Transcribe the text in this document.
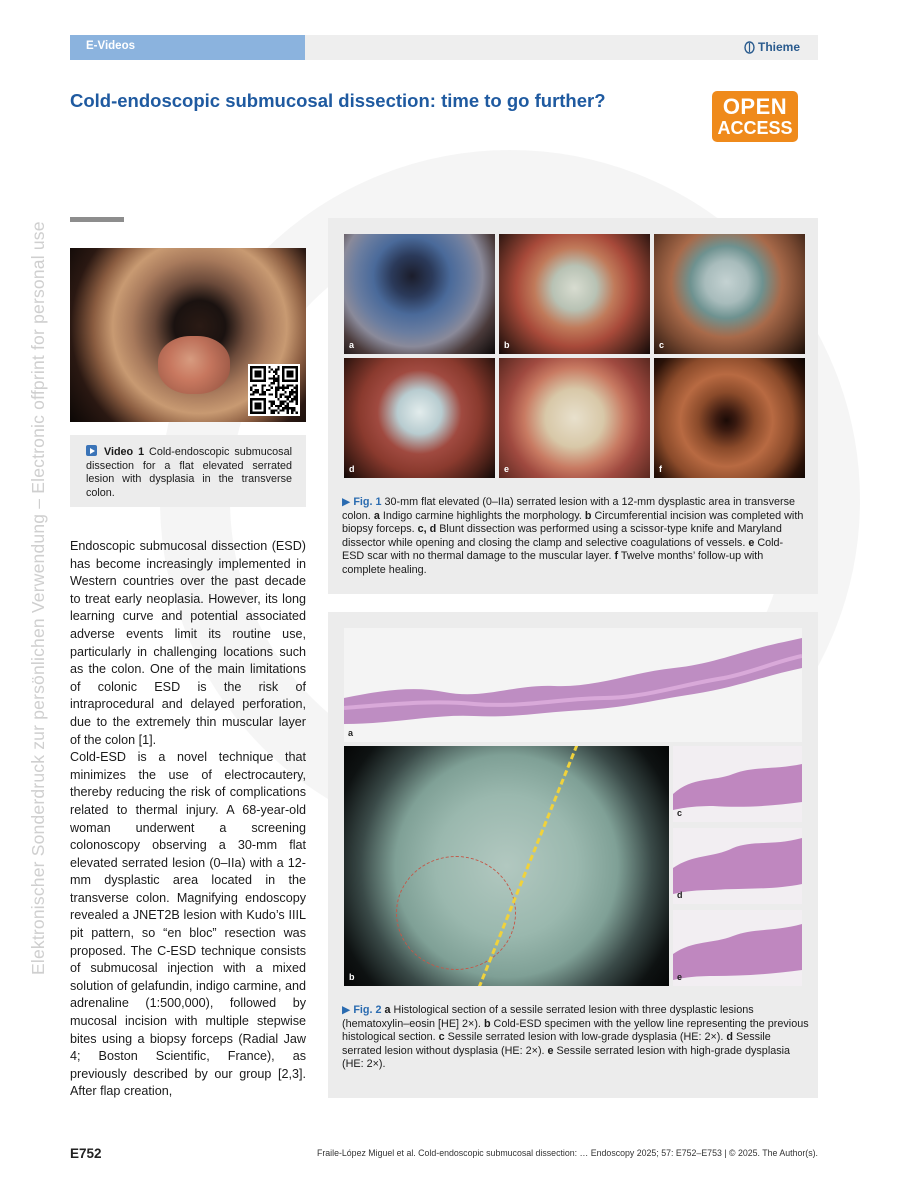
Elektronischer Sonderdruck zur persönlichen Verwendung – Electronic offprint for personal use
E-Videos	Thieme
Cold-endoscopic submucosal dissection: time to go further?	OPEN
ACCESS
Video 1 Cold-endoscopic submucosal dissection for a flat elevated serrated lesion with dysplasia in the transverse colon.

Endoscopic submucosal dissection (ESD) has become increasingly implemented in Western countries over the past decade to treat early neoplasia. However, its long learning curve and potential associated adverse events limit its routine use, particularly in challenging locations such as the colon. One of the main limitations of colonic ESD is the risk of intraprocedural and delayed perforation, due to the extremely thin muscular layer of the colon [1].

Cold-ESD is a novel technique that minimizes the use of electrocautery, thereby reducing the risk of complications related to thermal injury. A 68-year-old woman underwent a screening colonoscopy observing a 30-mm flat elevated serrated lesion (0–IIa) with a 12-mm dysplastic area located in the transverse colon. Magnifying endoscopy revealed a JNET2B lesion with Kudo’s IIIL pit pattern, so “en bloc” resection was proposed. The C-ESD technique consists of submucosal injection with a mixed solution of gelafundin, indigo carmine, and adrenaline (1:500,000), followed by mucosal incision with multiple stepwise bites using a biopsy forceps (Radial Jaw 4; Boston Scientific, France), as previously described by our group [2,3]. After flap creation,

a	b	c
d	e	f
▶ Fig. 1 30-mm flat elevated (0–IIa) serrated lesion with a 12-mm dysplastic area in transverse colon. a Indigo carmine highlights the morphology. b Circumferential incision was completed with biopsy forceps. c, d Blunt dissection was performed using a scissor-type knife and Maryland dissector while opening and closing the clamp and selective coagulations of vessels. e Cold-ESD scar with no thermal damage to the muscular layer. f Twelve months’ follow-up with complete healing.
a
b
c
d
e
▶ Fig. 2 a Histological section of a sessile serrated lesion with three dysplastic lesions (hematoxylin–eosin [HE] 2×). b Cold-ESD specimen with the yellow line representing the previous histological section. c Sessile serrated lesion with low-grade dysplasia (HE: 2×). d Sessile serrated lesion without dysplasia (HE: 2×). e Sessile serrated lesion with high-grade dysplasia (HE: 2×).
E752	Fraile-López Miguel et al. Cold-endoscopic submucosal dissection: … Endoscopy 2025; 57: E752–E753 | © 2025. The Author(s).
